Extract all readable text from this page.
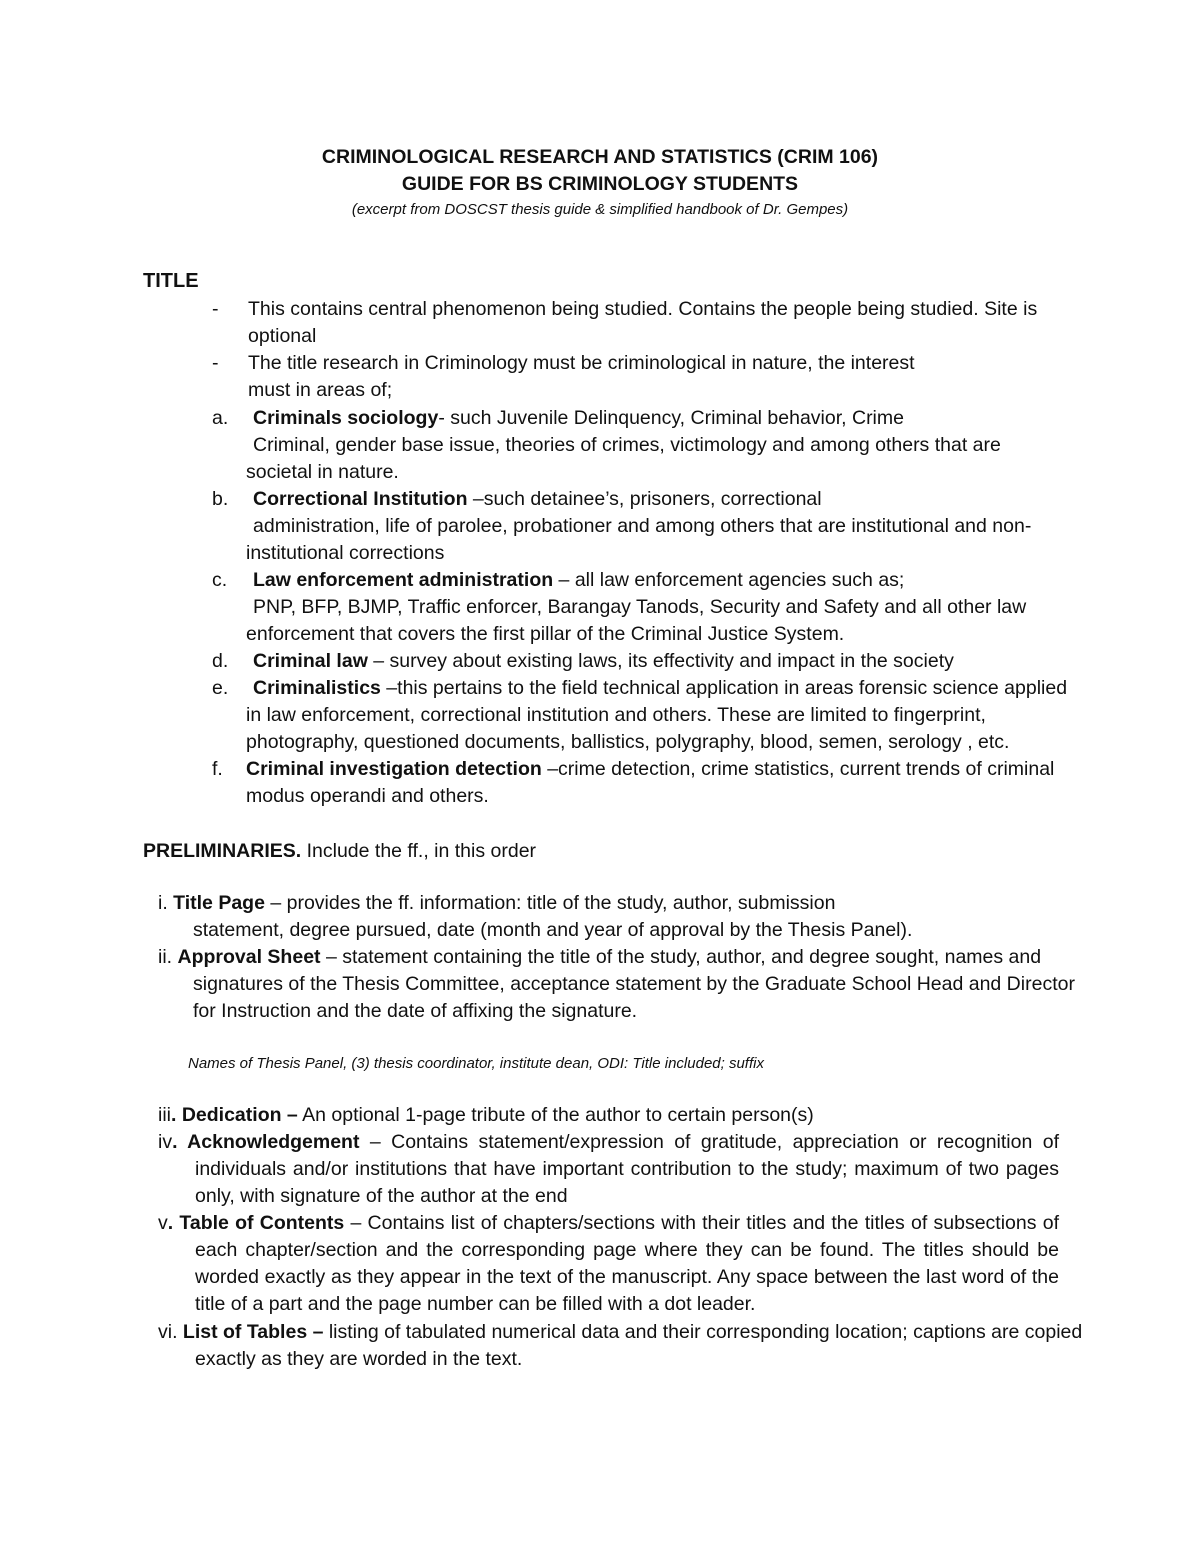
CRIMINOLOGICAL RESEARCH AND STATISTICS (CRIM 106)
GUIDE FOR BS CRIMINOLOGY STUDENTS
(excerpt from DOSCST thesis guide & simplified handbook of Dr. Gempes)
TITLE
- This contains central phenomenon being studied. Contains the people being studied. Site is
optional
- The title research in Criminology must be criminological in nature, the interest
must in areas of;
a. Criminals sociology- such Juvenile Delinquency, Criminal behavior, Crime
Criminal, gender base issue, theories of crimes, victimology and among others that are
societal in nature.
b. Correctional Institution –such detainee’s, prisoners, correctional
administration, life of parolee, probationer and among others that are institutional and non-
institutional corrections
c. Law enforcement administration – all law enforcement agencies such as;
PNP, BFP, BJMP, Traffic enforcer, Barangay Tanods, Security and Safety and all other law
enforcement that covers the first pillar of the Criminal Justice System.
d. Criminal law – survey about existing laws, its effectivity and impact in the society
e. Criminalistics –this pertains to the field technical application in areas forensic science applied
in law enforcement, correctional institution and others. These are limited to fingerprint,
photography, questioned documents, ballistics, polygraphy, blood, semen, serology , etc.
f. Criminal investigation detection –crime detection, crime statistics, current trends of criminal
modus operandi and others.
PRELIMINARIES. Include the ff., in this order
i. Title Page – provides the ff. information: title of the study, author, submission
statement, degree pursued, date (month and year of approval by the Thesis Panel).
ii. Approval Sheet – statement containing the title of the study, author, and degree sought, names and
signatures of the Thesis Committee, acceptance statement by the Graduate School Head and Director
for Instruction and the date of affixing the signature.
Names of Thesis Panel, (3) thesis coordinator, institute dean, ODI: Title included; suffix
iii. Dedication – An optional 1-page tribute of the author to certain person(s)
iv. Acknowledgement – Contains statement/expression of gratitude, appreciation or recognition of
individuals and/or institutions that have important contribution to the study; maximum of two pages
only, with signature of the author at the end
v. Table of Contents – Contains list of chapters/sections with their titles and the titles of subsections of
each chapter/section and the corresponding page where they can be found. The titles should be
worded exactly as they appear in the text of the manuscript. Any space between the last word of the
title of a part and the page number can be filled with a dot leader.
vi. List of Tables – listing of tabulated numerical data and their corresponding location; captions are copied
exactly as they are worded in the text.
